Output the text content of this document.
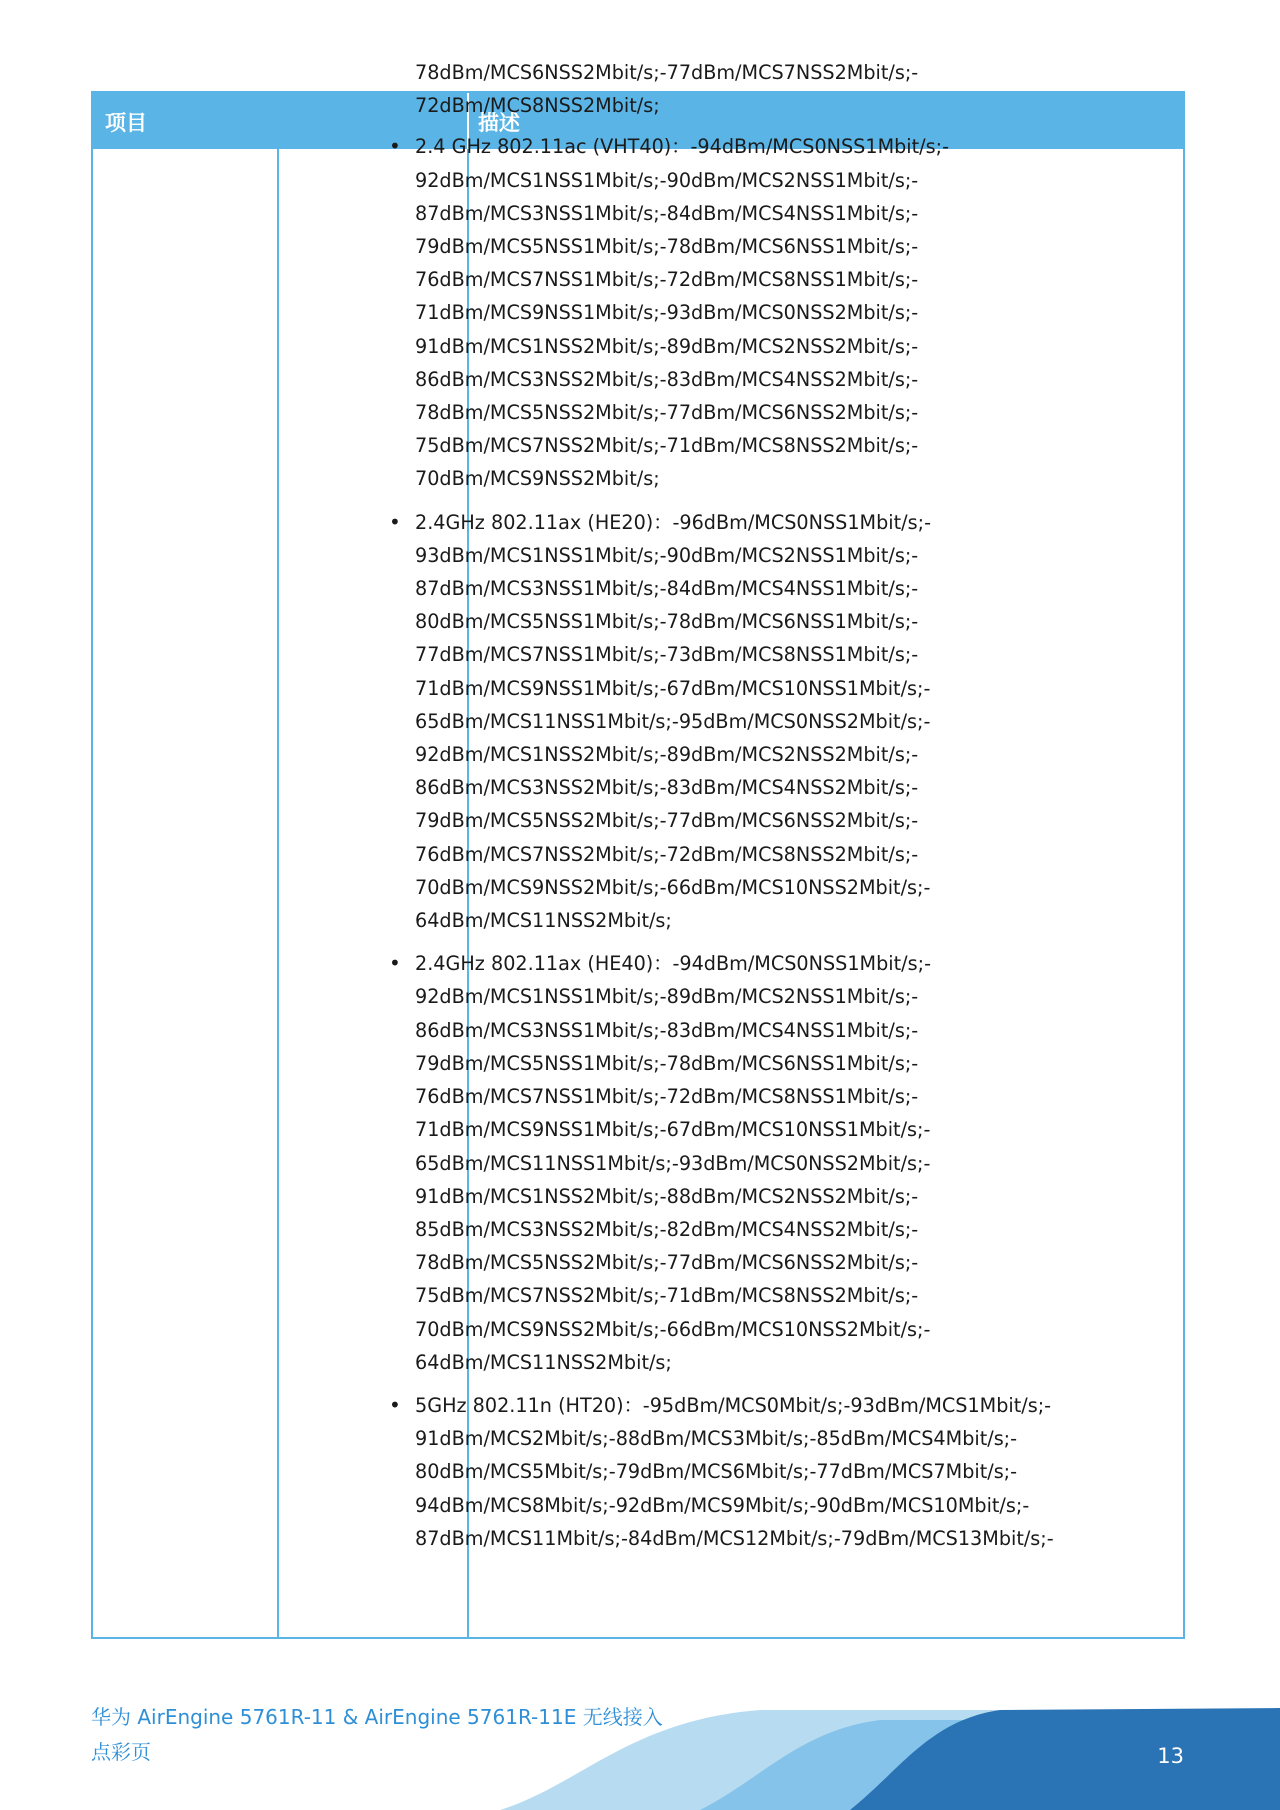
项目	描述
78dBm/MCS6NSS2Mbit/s;-77dBm/MCS7NSS2Mbit/s;-
72dBm/MCS8NSS2Mbit/s;
• 2.4 GHz 802.11ac (VHT40)：-94dBm/MCS0NSS1Mbit/s;-
92dBm/MCS1NSS1Mbit/s;-90dBm/MCS2NSS1Mbit/s;-
87dBm/MCS3NSS1Mbit/s;-84dBm/MCS4NSS1Mbit/s;-
79dBm/MCS5NSS1Mbit/s;-78dBm/MCS6NSS1Mbit/s;-
76dBm/MCS7NSS1Mbit/s;-72dBm/MCS8NSS1Mbit/s;-
71dBm/MCS9NSS1Mbit/s;-93dBm/MCS0NSS2Mbit/s;-
91dBm/MCS1NSS2Mbit/s;-89dBm/MCS2NSS2Mbit/s;-
86dBm/MCS3NSS2Mbit/s;-83dBm/MCS4NSS2Mbit/s;-
78dBm/MCS5NSS2Mbit/s;-77dBm/MCS6NSS2Mbit/s;-
75dBm/MCS7NSS2Mbit/s;-71dBm/MCS8NSS2Mbit/s;-
70dBm/MCS9NSS2Mbit/s;
• 2.4GHz 802.11ax (HE20)：-96dBm/MCS0NSS1Mbit/s;-
93dBm/MCS1NSS1Mbit/s;-90dBm/MCS2NSS1Mbit/s;-
87dBm/MCS3NSS1Mbit/s;-84dBm/MCS4NSS1Mbit/s;-
80dBm/MCS5NSS1Mbit/s;-78dBm/MCS6NSS1Mbit/s;-
77dBm/MCS7NSS1Mbit/s;-73dBm/MCS8NSS1Mbit/s;-
71dBm/MCS9NSS1Mbit/s;-67dBm/MCS10NSS1Mbit/s;-
65dBm/MCS11NSS1Mbit/s;-95dBm/MCS0NSS2Mbit/s;-
92dBm/MCS1NSS2Mbit/s;-89dBm/MCS2NSS2Mbit/s;-
86dBm/MCS3NSS2Mbit/s;-83dBm/MCS4NSS2Mbit/s;-
79dBm/MCS5NSS2Mbit/s;-77dBm/MCS6NSS2Mbit/s;-
76dBm/MCS7NSS2Mbit/s;-72dBm/MCS8NSS2Mbit/s;-
70dBm/MCS9NSS2Mbit/s;-66dBm/MCS10NSS2Mbit/s;-
64dBm/MCS11NSS2Mbit/s;
• 2.4GHz 802.11ax (HE40)：-94dBm/MCS0NSS1Mbit/s;-
92dBm/MCS1NSS1Mbit/s;-89dBm/MCS2NSS1Mbit/s;-
86dBm/MCS3NSS1Mbit/s;-83dBm/MCS4NSS1Mbit/s;-
79dBm/MCS5NSS1Mbit/s;-78dBm/MCS6NSS1Mbit/s;-
76dBm/MCS7NSS1Mbit/s;-72dBm/MCS8NSS1Mbit/s;-
71dBm/MCS9NSS1Mbit/s;-67dBm/MCS10NSS1Mbit/s;-
65dBm/MCS11NSS1Mbit/s;-93dBm/MCS0NSS2Mbit/s;-
91dBm/MCS1NSS2Mbit/s;-88dBm/MCS2NSS2Mbit/s;-
85dBm/MCS3NSS2Mbit/s;-82dBm/MCS4NSS2Mbit/s;-
78dBm/MCS5NSS2Mbit/s;-77dBm/MCS6NSS2Mbit/s;-
75dBm/MCS7NSS2Mbit/s;-71dBm/MCS8NSS2Mbit/s;-
70dBm/MCS9NSS2Mbit/s;-66dBm/MCS10NSS2Mbit/s;-
64dBm/MCS11NSS2Mbit/s;
• 5GHz 802.11n (HT20)：-95dBm/MCS0Mbit/s;-93dBm/MCS1Mbit/s;-
91dBm/MCS2Mbit/s;-88dBm/MCS3Mbit/s;-85dBm/MCS4Mbit/s;-
80dBm/MCS5Mbit/s;-79dBm/MCS6Mbit/s;-77dBm/MCS7Mbit/s;-
94dBm/MCS8Mbit/s;-92dBm/MCS9Mbit/s;-90dBm/MCS10Mbit/s;-
87dBm/MCS11Mbit/s;-84dBm/MCS12Mbit/s;-79dBm/MCS13Mbit/s;-
华为 AirEngine 5761R-11 & AirEngine 5761R-11E 无线接入
点彩页	13
